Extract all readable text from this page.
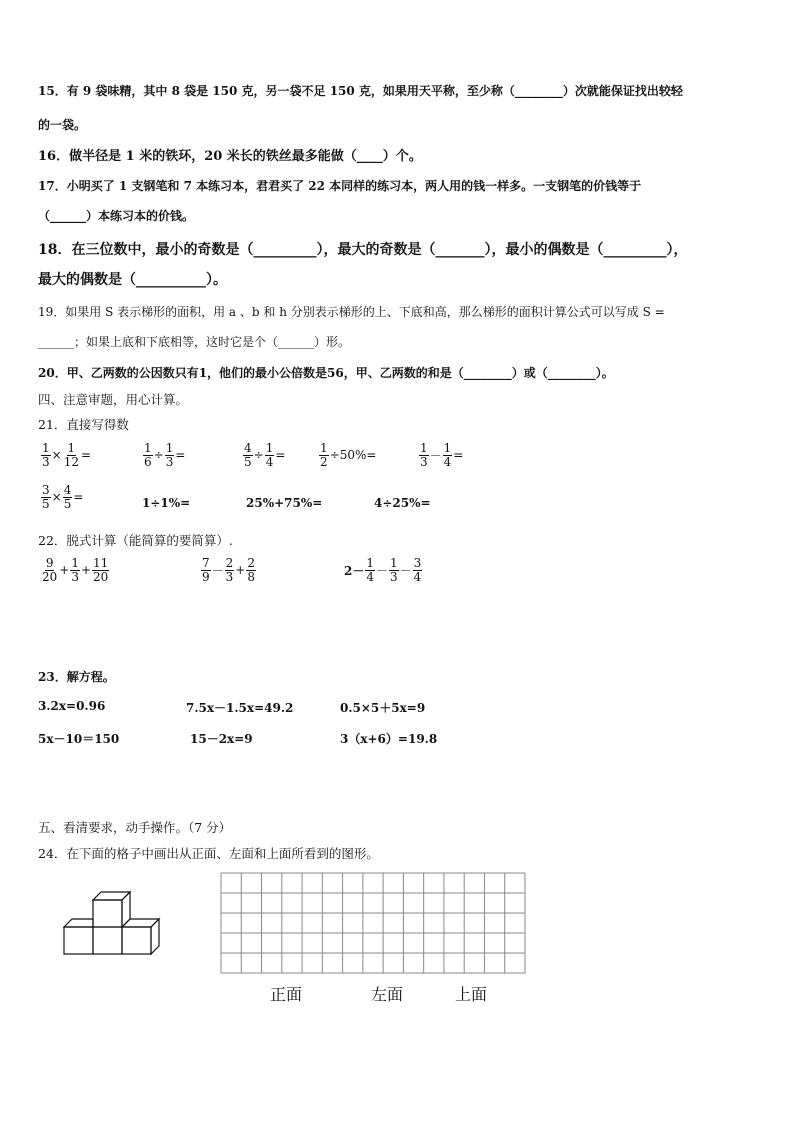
15．有 9 袋味精，其中 8 袋是 150 克，另一袋不足 150 克，如果用天平称，至少称（________）次就能保证找出较轻
的一袋。
16．做半径是 1 米的铁环，20 米长的铁丝最多能做（____）个。
17．小明买了 1 支钢笔和 7 本练习本，君君买了 22 本同样的练习本，两人用的钱一样多。一支钢笔的价钱等于
（______）本练习本的价钱。
18．在三位数中，最小的奇数是（_________），最大的奇数是（_______），最小的偶数是（_________），
最大的偶数是（__________）。
19．如果用 S 表示梯形的面积，用 a 、b 和 h 分别表示梯形的上、下底和高，那么梯形的面积计算公式可以写成 S =
______；如果上底和下底相等，这时它是个（______）形。
20．甲、乙两数的公因数只有1，他们的最小公倍数是56，甲、乙两数的和是（________）或（________）。
四、注意审题，用心计算。
21．直接写得数
$\frac{1}{3} \times \frac{1}{12}$ =	$\frac{1}{6} \div \frac{1}{3}$ =	$\frac{4}{5} \div \frac{1}{4}$ =	$\frac{1}{2} \div 50\%=$	$\frac{1}{3} - \frac{1}{4}$ =
$\frac{3}{5} \times \frac{4}{5}$ =	1÷1%=	25%+75%=	4÷25%=
22．脱式计算（能简算的要简算）.
$\frac{9}{20} + \frac{1}{3} + \frac{11}{20}$	$\frac{7}{9} - \frac{2}{3} + \frac{2}{8}$	$2- \frac{1}{4} - \frac{1}{3} - \frac{3}{4}$
23．解方程。
3.2x=0.96	7.5x－1.5x=49.2	0.5×5＋5x=9
5x－10＝150	15－2x=9	3（x+6）=19.8
五、看清要求，动手操作。（7 分）
24．在下面的格子中画出从正面、左面和上面所看到的图形。
正面	左面	上面
